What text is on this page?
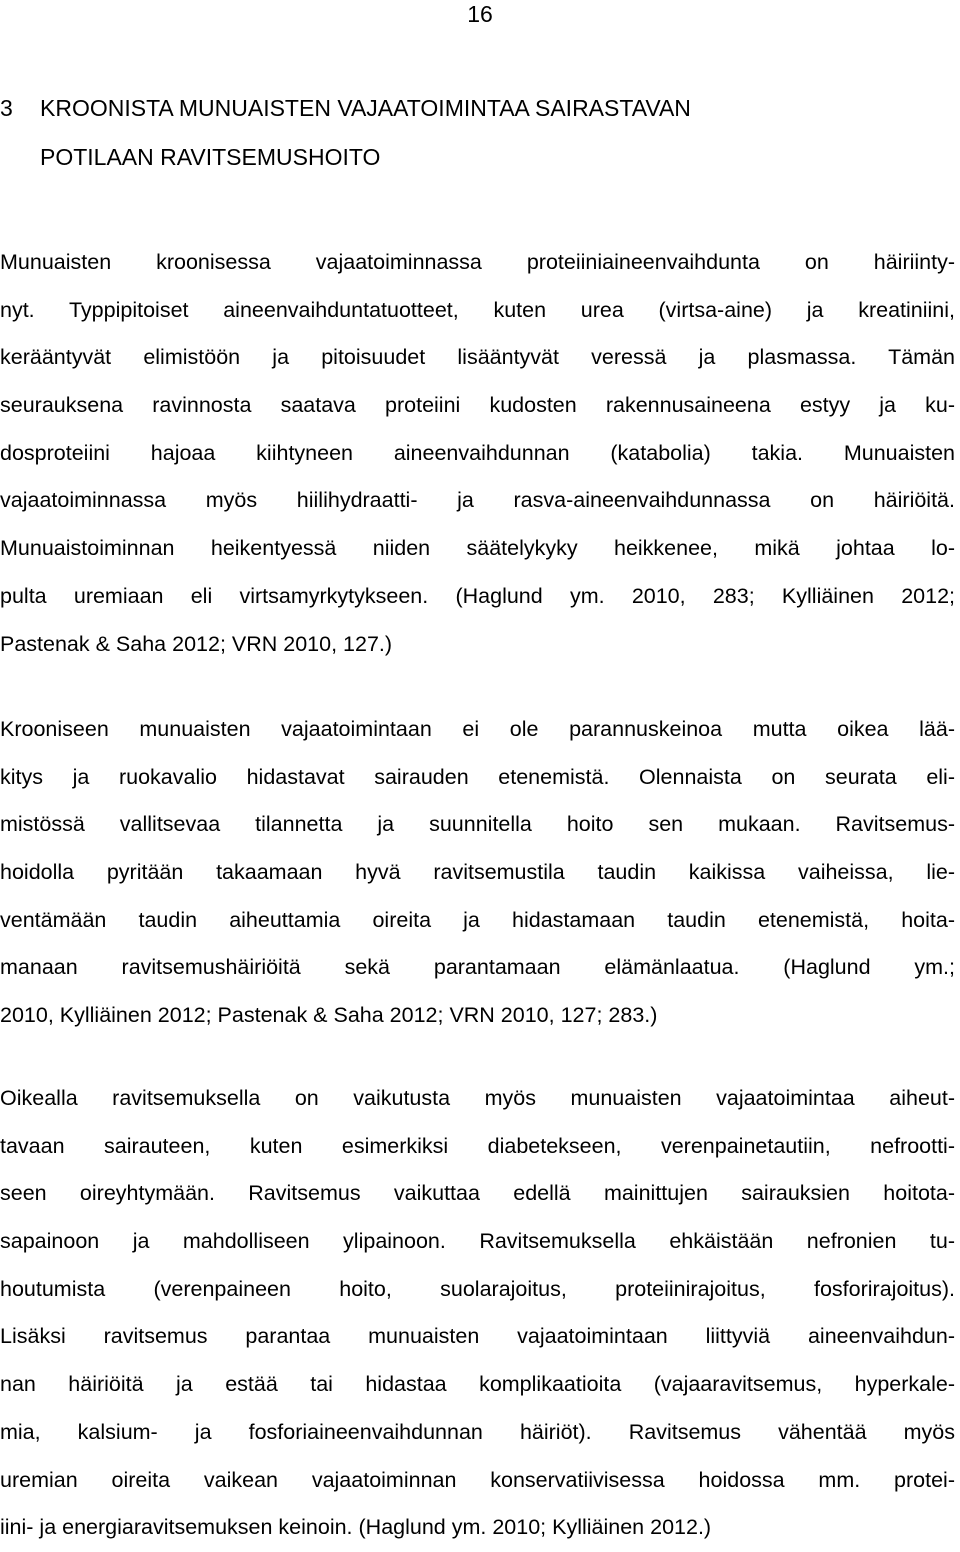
16
3 KROONISTA MUNUAISTEN VAJAATOIMINTAA SAIRASTAVAN
POTILAAN RAVITSEMUSHOITO
Munuaisten kroonisessa vajaatoiminnassa proteiiniaineenvaihdunta on häiriinty-
nyt. Typpipitoiset aineenvaihduntatuotteet, kuten urea (virtsa-aine) ja kreatiniini,
kerääntyvät elimistöön ja pitoisuudet lisääntyvät veressä ja plasmassa. Tämän
seurauksena ravinnosta saatava proteiini kudosten rakennusaineena estyy ja ku-
dosproteiini hajoaa kiihtyneen aineenvaihdunnan (katabolia) takia. Munuaisten
vajaatoiminnassa myös hiilihydraatti- ja rasva-aineenvaihdunnassa on häiriöitä.
Munuaistoiminnan heikentyessä niiden säätelykyky heikkenee, mikä johtaa lo-
pulta uremiaan eli virtsamyrkytykseen. (Haglund ym. 2010, 283; Kylliäinen 2012;
Pastenak & Saha 2012; VRN 2010, 127.)
Krooniseen munuaisten vajaatoimintaan ei ole parannuskeinoa mutta oikea lää-
kitys ja ruokavalio hidastavat sairauden etenemistä. Olennaista on seurata eli-
mistössä vallitsevaa tilannetta ja suunnitella hoito sen mukaan. Ravitsemus-
hoidolla pyritään takaamaan hyvä ravitsemustila taudin kaikissa vaiheissa, lie-
ventämään taudin aiheuttamia oireita ja hidastamaan taudin etenemistä, hoita-
manaan ravitsemushäiriöitä sekä parantamaan elämänlaatua. (Haglund ym.;
2010, Kylliäinen 2012; Pastenak & Saha 2012; VRN 2010, 127; 283.)
Oikealla ravitsemuksella on vaikutusta myös munuaisten vajaatoimintaa aiheut-
tavaan sairauteen, kuten esimerkiksi diabetekseen, verenpainetautiin, nefrootti-
seen oireyhtymään. Ravitsemus vaikuttaa edellä mainittujen sairauksien hoitota-
sapainoon ja mahdolliseen ylipainoon. Ravitsemuksella ehkäistään nefronien tu-
houtumista (verenpaineen hoito, suolarajoitus, proteiinirajoitus, fosforirajoitus).
Lisäksi ravitsemus parantaa munuaisten vajaatoimintaan liittyviä aineenvaihdun-
nan häiriöitä ja estää tai hidastaa komplikaatioita (vajaaravitsemus, hyperkale-
mia, kalsium- ja fosforiaineenvaihdunnan häiriöt). Ravitsemus vähentää myös
uremian oireita vaikean vajaatoiminnan konservatiivisessa hoidossa mm. protei-
iini- ja energiaravitsemuksen keinoin. (Haglund ym. 2010; Kylliäinen 2012.)
